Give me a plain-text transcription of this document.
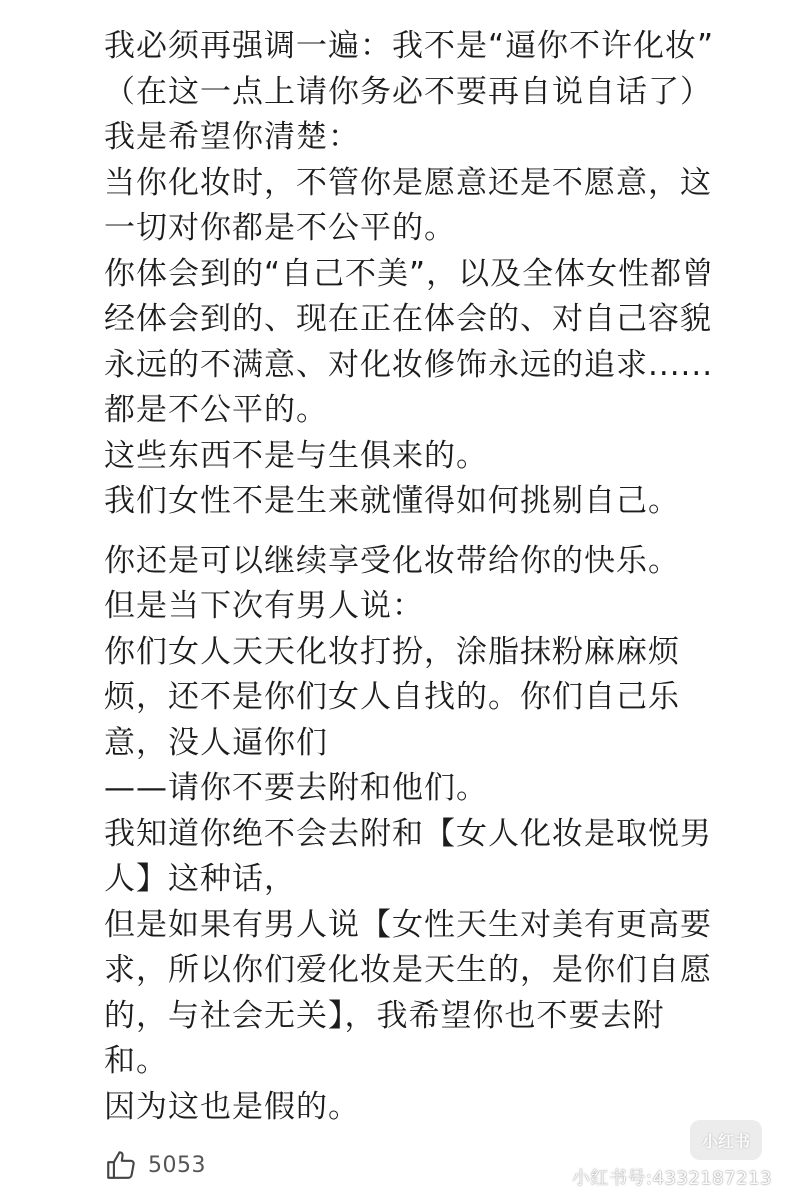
我必须再强调一遍：我不是“逼你不许化妆”
（在这一点上请你务必不要再自说自话了）
我是希望你清楚：
当你化妆时，不管你是愿意还是不愿意，这
一切对你都是不公平的。
你体会到的“自己不美”，以及全体女性都曾
经体会到的、现在正在体会的、对自己容貌
永远的不满意、对化妆修饰永远的追求......
都是不公平的。
这些东西不是与生俱来的。
我们女性不是生来就懂得如何挑剔自己。
你还是可以继续享受化妆带给你的快乐。
但是当下次有男人说：
你们女人天天化妆打扮，涂脂抹粉麻麻烦
烦，还不是你们女人自找的。你们自己乐
意，没人逼你们
——请你不要去附和他们。
我知道你绝不会去附和【女人化妆是取悦男
人】这种话，
但是如果有男人说【女性天生对美有更高要
求，所以你们爱化妆是天生的，是你们自愿
的，与社会无关】，我希望你也不要去附
和。
因为这也是假的。
5053
小红书
小红书号:4332187213
